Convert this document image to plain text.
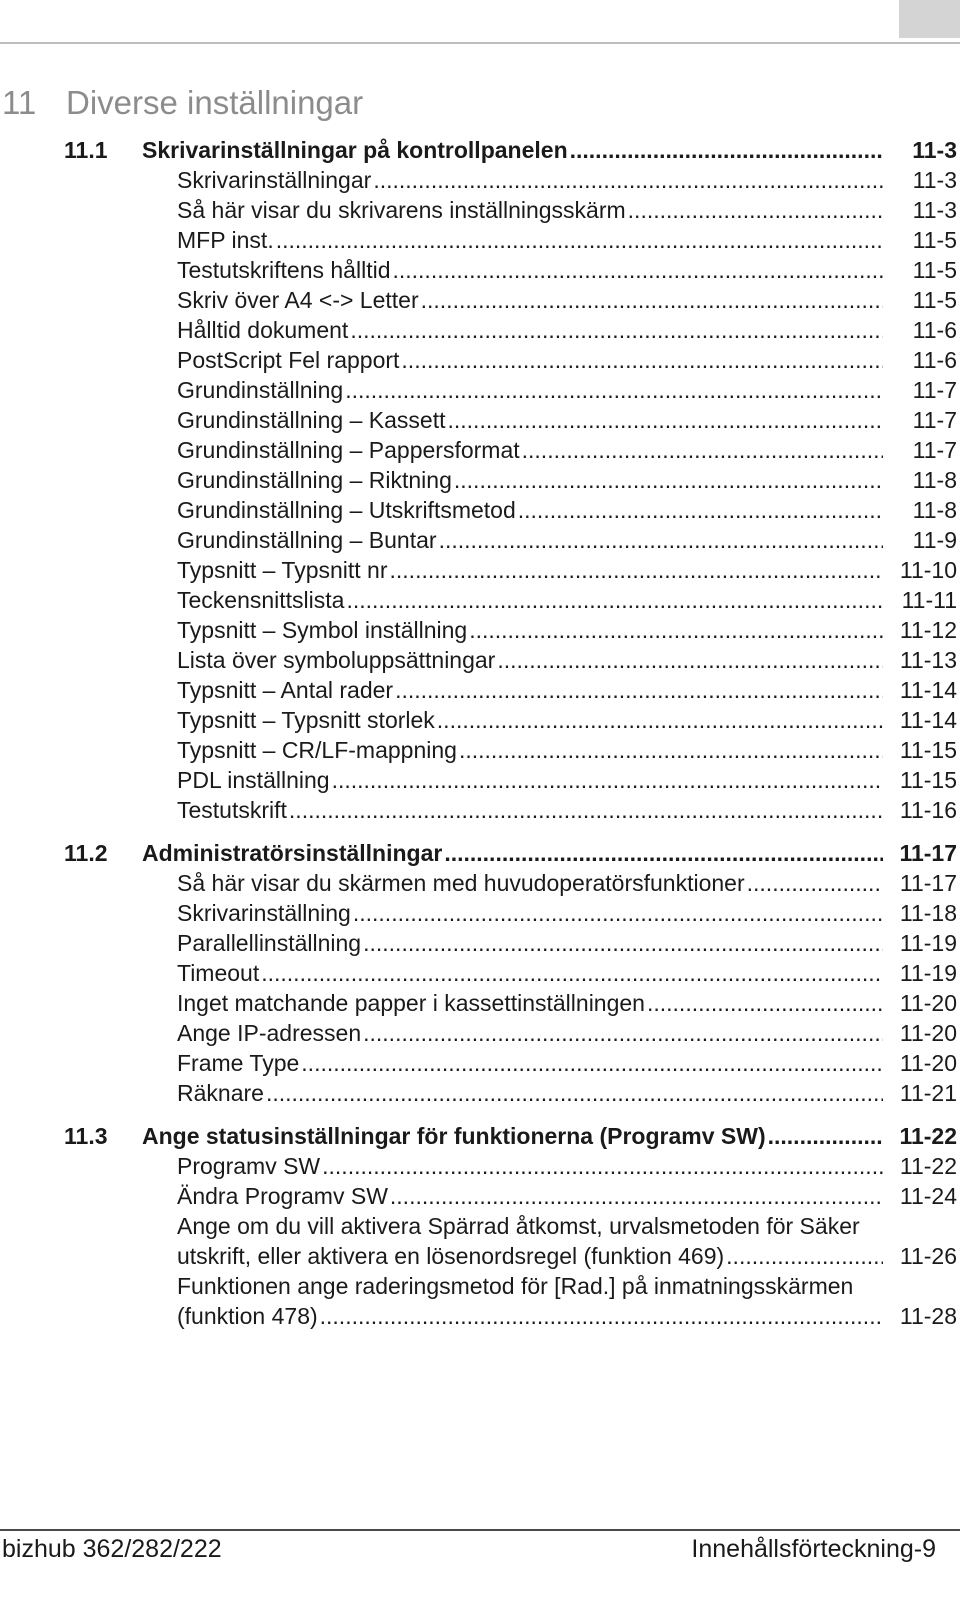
11 Diverse inställningar
11.1	Skrivarinställningar på kontrollpanelen .....	11-3
Skrivarinställningar .....	11-3
Så här visar du skrivarens inställningsskärm .....	11-3
MFP inst. .....	11-5
Testutskriftens hålltid .....	11-5
Skriv över A4 <-> Letter .....	11-5
Hålltid dokument .....	11-6
PostScript Fel rapport .....	11-6
Grundinställning .....	11-7
Grundinställning – Kassett .....	11-7
Grundinställning – Pappersformat .....	11-7
Grundinställning – Riktning .....	11-8
Grundinställning – Utskriftsmetod .....	11-8
Grundinställning – Buntar .....	11-9
Typsnitt – Typsnitt nr .....	11-10
Teckensnittslista .....	11-11
Typsnitt – Symbol inställning .....	11-12
Lista över symboluppsättningar .....	11-13
Typsnitt – Antal rader .....	11-14
Typsnitt – Typsnitt storlek .....	11-14
Typsnitt – CR/LF-mappning .....	11-15
PDL inställning .....	11-15
Testutskrift .....	11-16
11.2	Administratörsinställningar .....	11-17
Så här visar du skärmen med huvudoperatörsfunktioner .....	11-17
Skrivarinställning .....	11-18
Parallellinställning .....	11-19
Timeout .....	11-19
Inget matchande papper i kassettinställningen .....	11-20
Ange IP-adressen .....	11-20
Frame Type .....	11-20
Räknare .....	11-21
11.3	Ange statusinställningar för funktionerna (Programv SW) .....	11-22
Programv SW .....	11-22
Ändra Programv SW .....	11-24
Ange om du vill aktivera Spärrad åtkomst, urvalsmetoden för Säker
utskrift, eller aktivera en lösenordsregel (funktion 469) .....	11-26
Funktionen ange raderingsmetod för [Rad.] på inmatningsskärmen
(funktion 478) .....	11-28
bizhub 362/282/222	Innehållsförteckning-9
